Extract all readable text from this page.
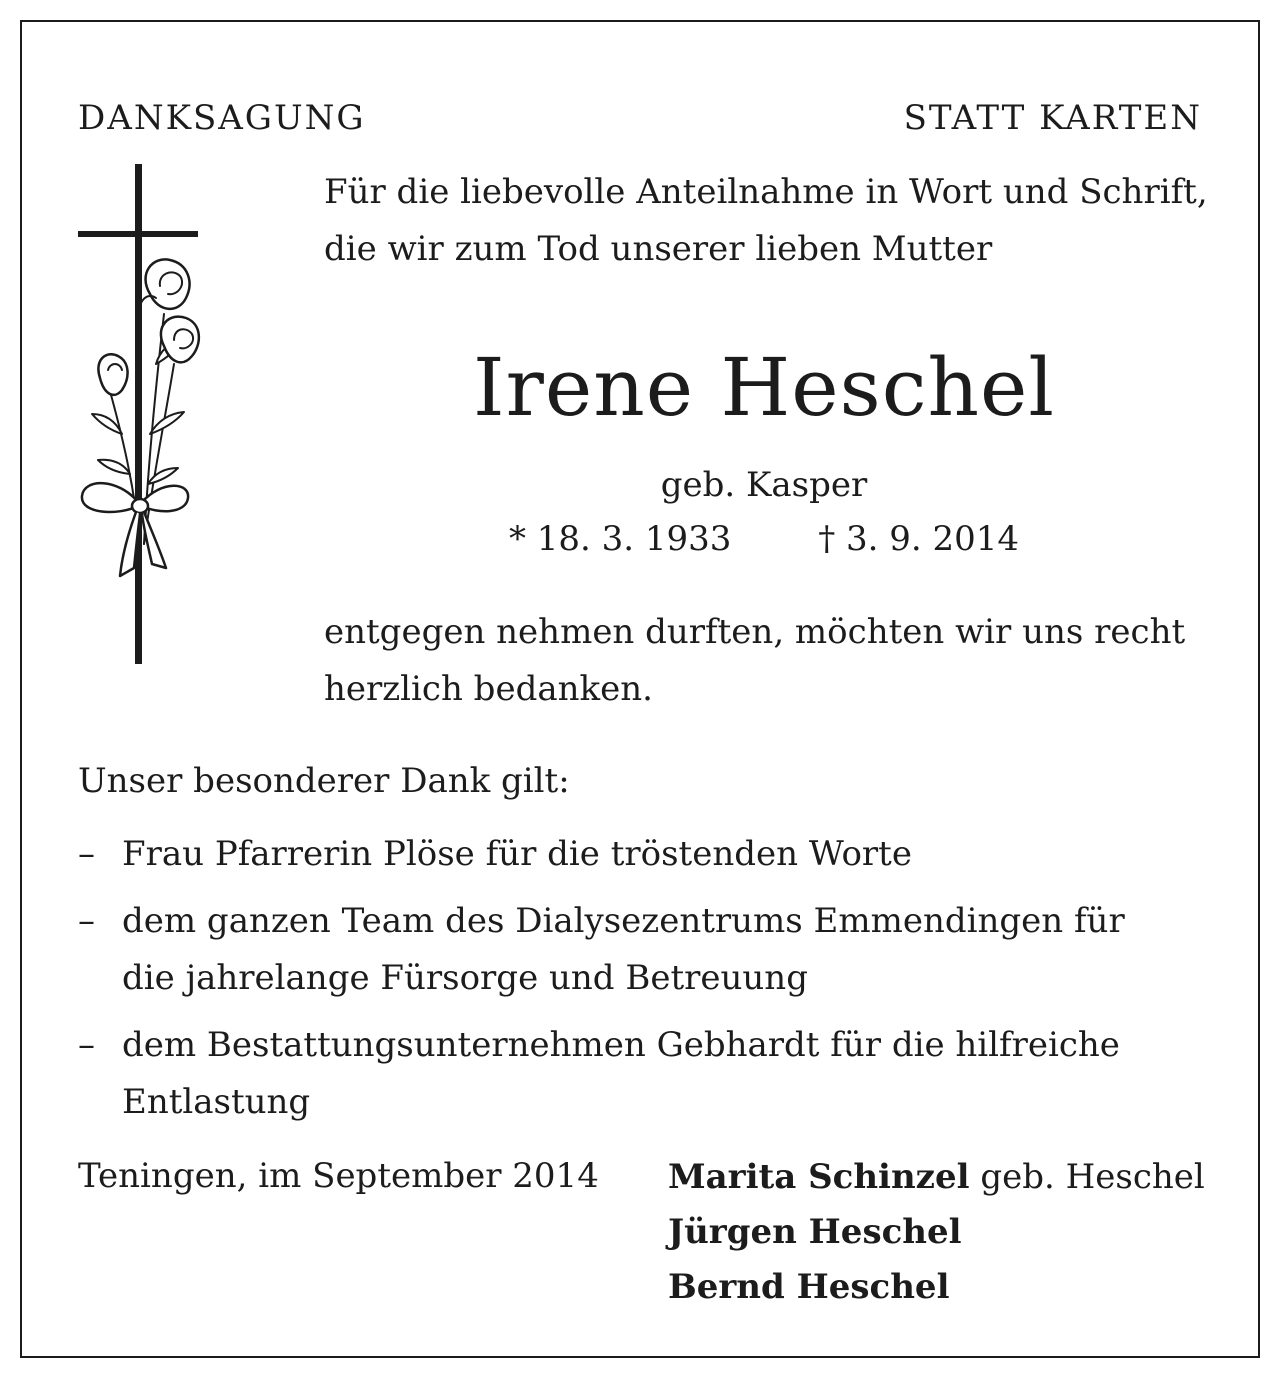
DANKSAGUNG	STATT KARTEN

Für die liebevolle Anteilnahme in Wort und Schrift,
die wir zum Tod unserer lieben Mutter

Irene Heschel
geb. Kasper
* 18. 3. 1933	† 3. 9. 2014

entgegen nehmen durften, möchten wir uns recht
herzlich bedanken.

Unser besonderer Dank gilt:
– Frau Pfarrerin Plöse für die tröstenden Worte
– dem ganzen Team des Dialysezentrums Emmendingen für
die jahrelange Fürsorge und Betreuung
– dem Bestattungsunternehmen Gebhardt für die hilfreiche
Entlastung
Teningen, im September 2014 Marita Schinzel geb. Heschel
Jürgen Heschel
Bernd Heschel
